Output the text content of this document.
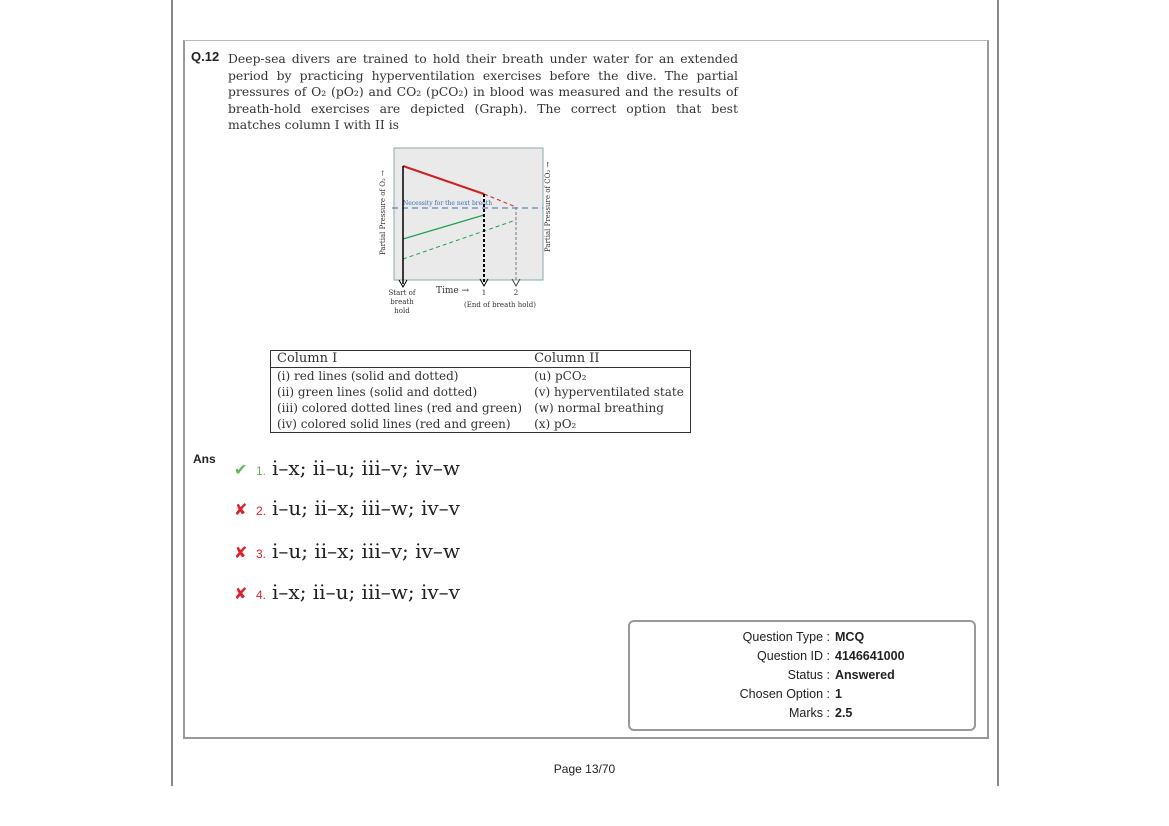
Q.12 Deep-sea divers are trained to hold their breath under water for an extended period by practicing hyperventilation exercises before the dive. The partial pressures of O₂ (pO₂) and CO₂ (pCO₂) in blood was measured and the results of breath-hold exercises are depicted (Graph). The correct option that best matches column I with II is
Necessity for the next breath
Partial Pressure of O₂ →	Partial Pressure of CO₂ →
Time →
Start of
breath
hold
1	2
(End of breath hold)
Column I	Column II
(i) red lines (solid and dotted)	(u) pCO₂
(ii) green lines (solid and dotted)	(v) hyperventilated state
(iii) colored dotted lines (red and green)	(w) normal breathing
(iv) colored solid lines (red and green)	(x) pO₂
Ans
✔ 1. i–x; ii–u; iii–v; iv–w
✘ 2. i–u; ii–x; iii–w; iv–v
✘ 3. i–u; ii–x; iii–v; iv–w
✘ 4. i–x; ii–u; iii–w; iv–v
Question Type : MCQ
Question ID : 4146641000
Status : Answered
Chosen Option : 1
Marks : 2.5
Page 13/70
